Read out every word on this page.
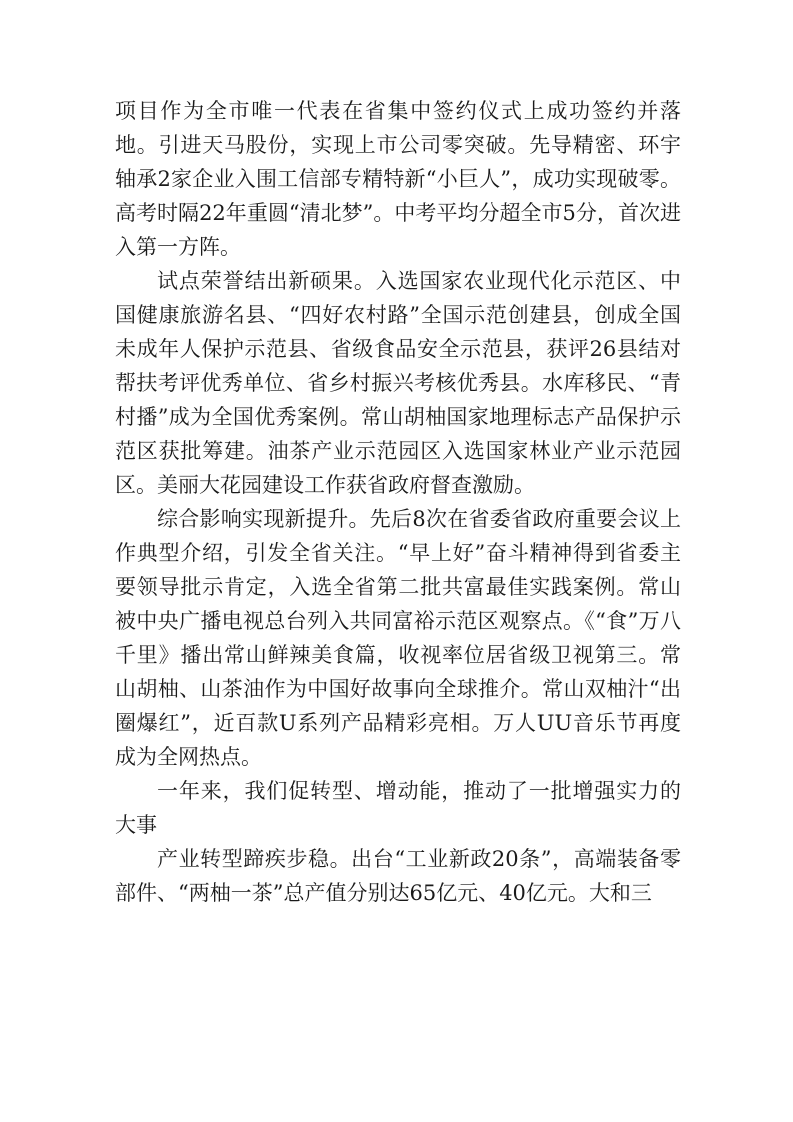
项目作为全市唯一代表在省集中签约仪式上成功签约并落地。引进天马股份，实现上市公司零突破。先导精密、环宇轴承2家企业入围工信部专精特新“小巨人”，成功实现破零。高考时隔22年重圆“清北梦”。中考平均分超全市5分，首次进入第一方阵。

试点荣誉结出新硕果。入选国家农业现代化示范区、中国健康旅游名县、“四好农村路”全国示范创建县，创成全国未成年人保护示范县、省级食品安全示范县，获评26县结对帮扶考评优秀单位、省乡村振兴考核优秀县。水库移民、“青村播”成为全国优秀案例。常山胡柚国家地理标志产品保护示范区获批筹建。油茶产业示范园区入选国家林业产业示范园区。美丽大花园建设工作获省政府督查激励。

综合影响实现新提升。先后8次在省委省政府重要会议上作典型介绍，引发全省关注。“早上好”奋斗精神得到省委主要领导批示肯定，入选全省第二批共富最佳实践案例。常山被中央广播电视总台列入共同富裕示范区观察点。《“食”万八千里》播出常山鲜辣美食篇，收视率位居省级卫视第三。常山胡柚、山茶油作为中国好故事向全球推介。常山双柚汁“出圈爆红”，近百款U系列产品精彩亮相。万人UU音乐节再度成为全网热点。

一年来，我们促转型、增动能，推动了一批增强实力的大事

产业转型蹄疾步稳。出台“工业新政20条”，高端装备零部件、“两柚一茶”总产值分别达65亿元、40亿元。大和三
